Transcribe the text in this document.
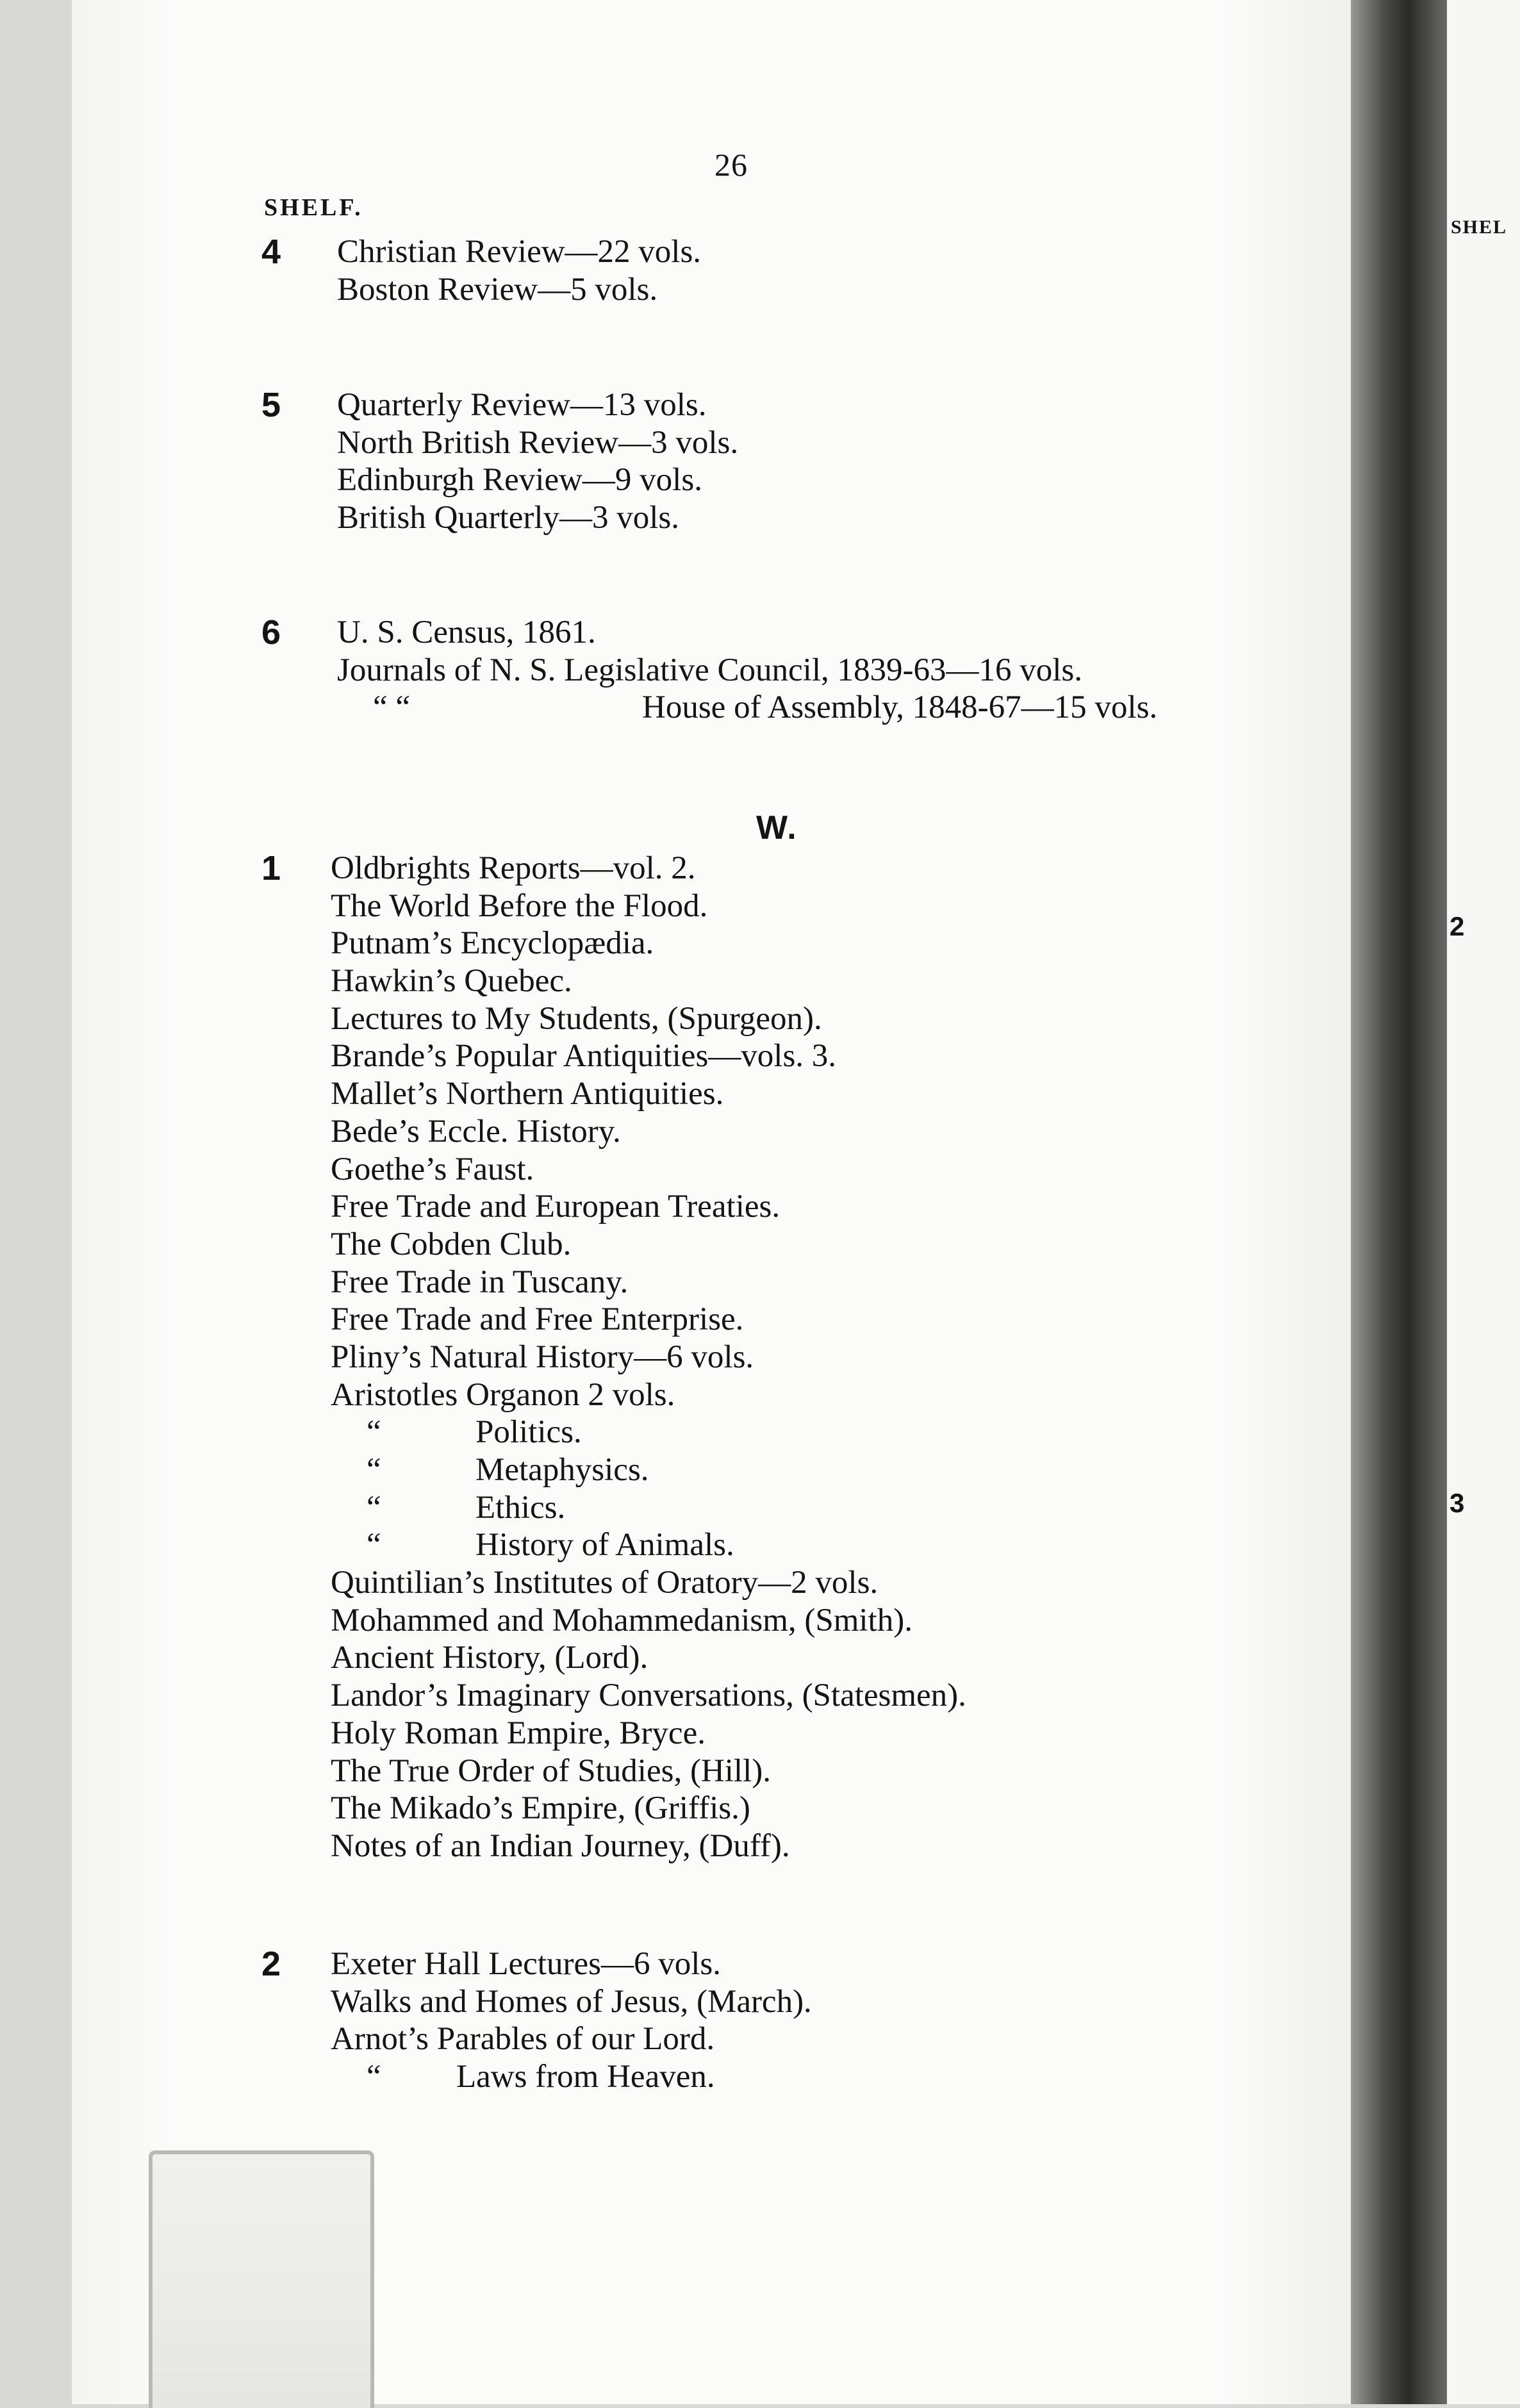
SHEL
26
SHELF.
4	Christian Review—22 vols.
Boston Review—5 vols.
5	Quarterly Review—13 vols.
North British Review—3 vols.
Edinburgh Review—9 vols.
British Quarterly—3 vols.
6	U. S. Census, 1861.
Journals of N. S. Legislative Council, 1839-63—16 vols.
“ “	House of Assembly, 1848-67—15 vols.
W.
1	Oldbrights Reports—vol. 2.
The World Before the Flood.
Putnam’s Encyclopædia.
Hawkin’s Quebec.
Lectures to My Students, (Spurgeon).
Brande’s Popular Antiquities—vols. 3.
Mallet’s Northern Antiquities.
Bede’s Eccle. History.
Goethe’s Faust.
Free Trade and European Treaties.
The Cobden Club.
Free Trade in Tuscany.
Free Trade and Free Enterprise.
Pliny’s Natural History—6 vols.
Aristotles Organon 2 vols.
“	Politics.
“	Metaphysics.
“	Ethics.
“	History of Animals.
Quintilian’s Institutes of Oratory—2 vols.
Mohammed and Mohammedanism, (Smith).
Ancient History, (Lord).
Landor’s Imaginary Conversations, (Statesmen).
Holy Roman Empire, Bryce.
The True Order of Studies, (Hill).
The Mikado’s Empire, (Griffis.)
Notes of an Indian Journey, (Duff).
2	Exeter Hall Lectures—6 vols.
Walks and Homes of Jesus, (March).
Arnot’s Parables of our Lord.
“ Laws from Heaven.
2
3
